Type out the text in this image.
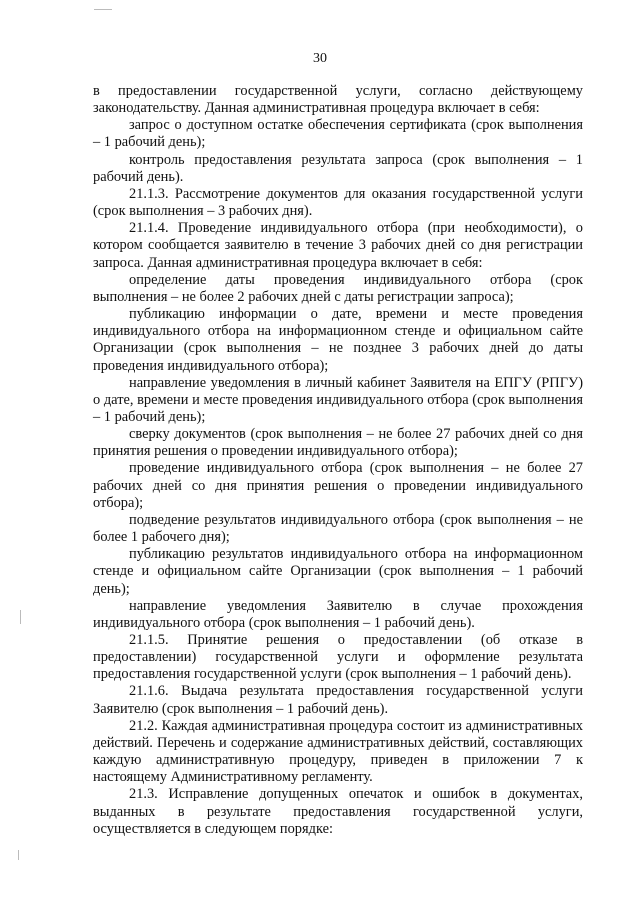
30

в предоставлении государственной услуги, согласно действующему законодательству. Данная административная процедура включает в себя:

запрос о доступном остатке обеспечения сертификата (срок выполнения – 1 рабочий день);

контроль предоставления результата запроса (срок выполнения – 1 рабочий день).

21.1.3. Рассмотрение документов для оказания государственной услуги (срок выполнения – 3 рабочих дня).

21.1.4. Проведение индивидуального отбора (при необходимости), о котором сообщается заявителю в течение 3 рабочих дней со дня регистрации запроса. Данная административная процедура включает в себя:

определение даты проведения индивидуального отбора (срок выполнения – не более 2 рабочих дней с даты регистрации запроса);

публикацию информации о дате, времени и месте проведения индивидуального отбора на информационном стенде и официальном сайте Организации (срок выполнения – не позднее 3 рабочих дней до даты проведения индивидуального отбора);

направление уведомления в личный кабинет Заявителя на ЕПГУ (РПГУ) о дате, времени и месте проведения индивидуального отбора (срок выполнения – 1 рабочий день);

сверку документов (срок выполнения – не более 27 рабочих дней со дня принятия решения о проведении индивидуального отбора);

проведение индивидуального отбора (срок выполнения – не более 27 рабочих дней со дня принятия решения о проведении индивидуального отбора);

подведение результатов индивидуального отбора (срок выполнения – не более 1 рабочего дня);

публикацию результатов индивидуального отбора на информационном стенде и официальном сайте Организации (срок выполнения – 1 рабочий день);

направление уведомления Заявителю в случае прохождения индивидуального отбора (срок выполнения – 1 рабочий день).

21.1.5. Принятие решения о предоставлении (об отказе в предоставлении) государственной услуги и оформление результата предоставления государственной услуги (срок выполнения – 1 рабочий день).

21.1.6. Выдача результата предоставления государственной услуги Заявителю (срок выполнения – 1 рабочий день).

21.2. Каждая административная процедура состоит из административных действий. Перечень и содержание административных действий, составляющих каждую административную процедуру, приведен в приложении 7 к настоящему Административному регламенту.

21.3. Исправление допущенных опечаток и ошибок в документах, выданных в результате предоставления государственной услуги, осуществляется в следующем порядке:
